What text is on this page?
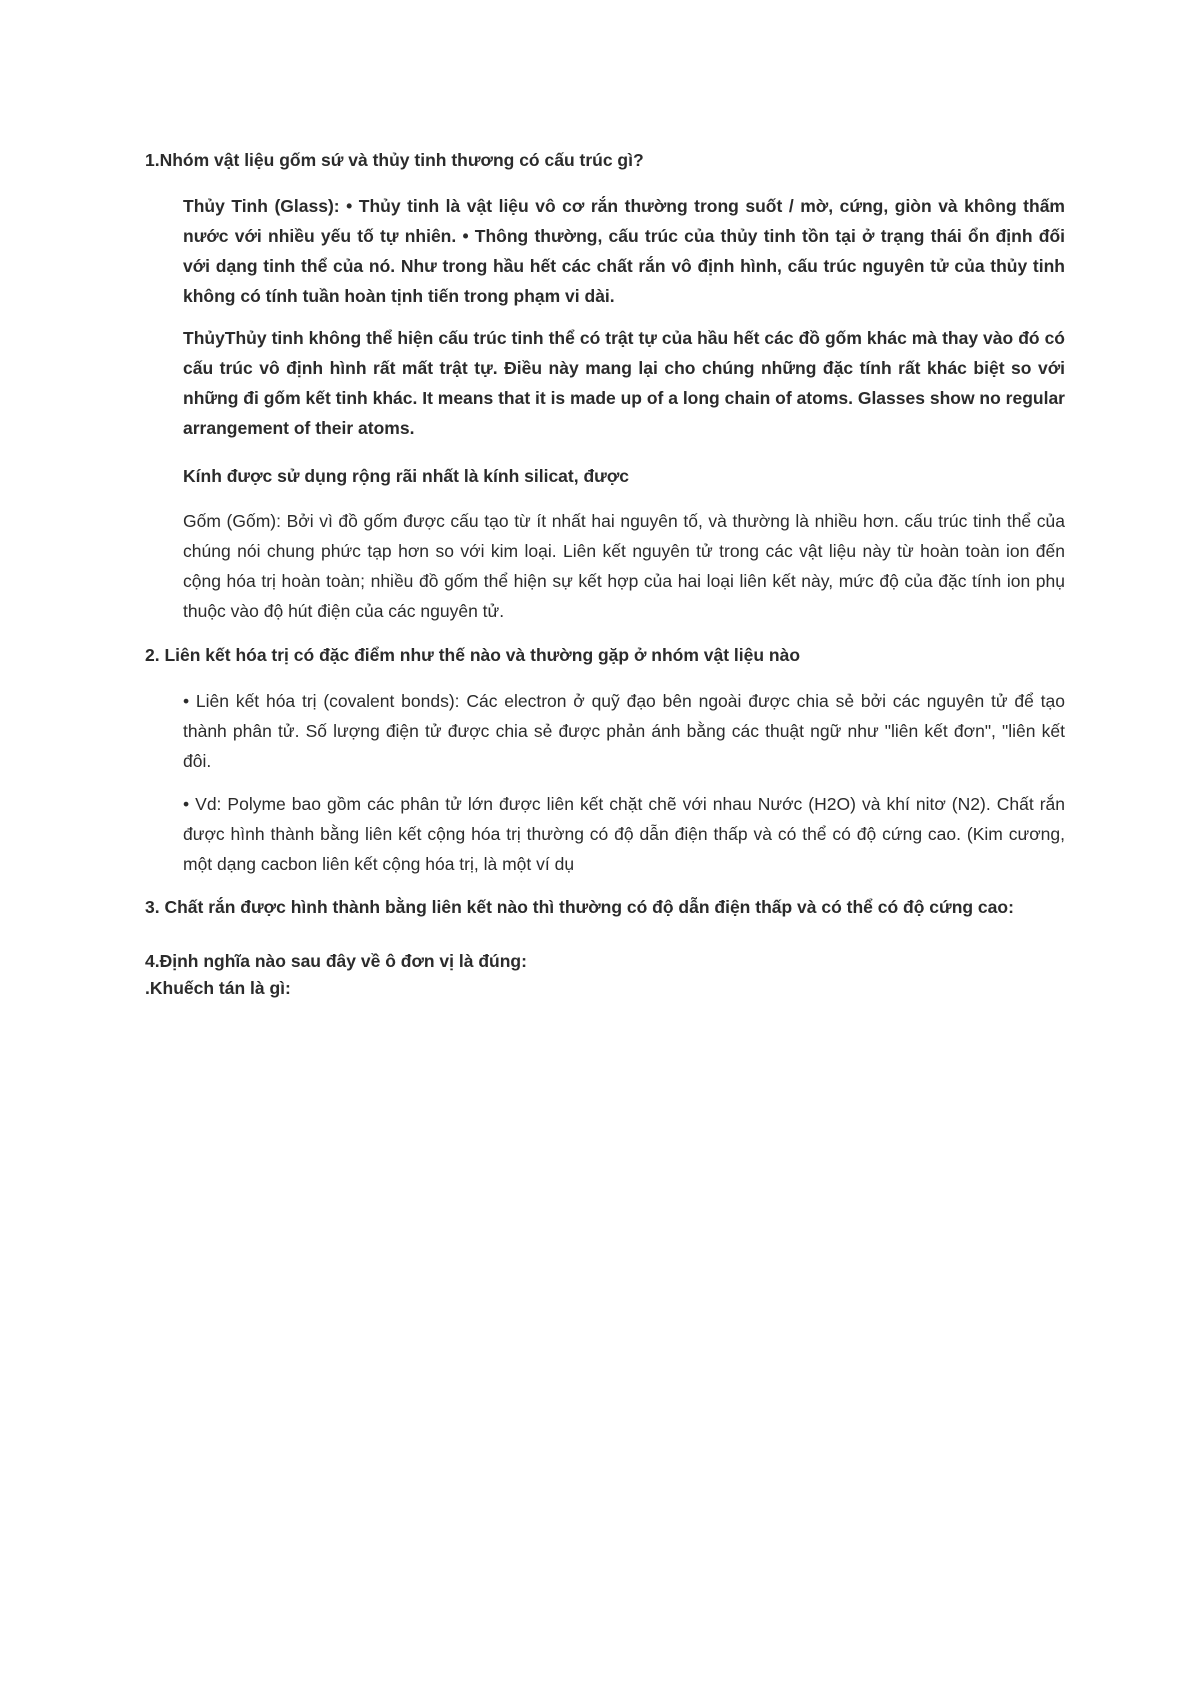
1.Nhóm vật liệu gốm sứ và thủy tinh thương có cấu trúc gì?

Thủy Tinh (Glass): • Thủy tinh là vật liệu vô cơ rắn thường trong suốt / mờ, cứng, giòn và không thấm nước với nhiều yếu tố tự nhiên. • Thông thường, cấu trúc của thủy tinh tồn tại ở trạng thái ổn định đối với dạng tinh thể của nó. Như trong hầu hết các chất rắn vô định hình, cấu trúc nguyên tử của thủy tinh không có tính tuần hoàn tịnh tiến trong phạm vi dài.

ThủyThủy tinh không thể hiện cấu trúc tinh thể có trật tự của hầu hết các đồ gốm khác mà thay vào đó có cấu trúc vô định hình rất mất trật tự. Điều này mang lại cho chúng những đặc tính rất khác biệt so với những đi gốm kết tinh khác. It means that it is made up of a long chain of atoms. Glasses show no regular arrangement of their atoms.

Kính được sử dụng rộng rãi nhất là kính silicat, được

Gốm (Gốm): Bởi vì đồ gốm được cấu tạo từ ít nhất hai nguyên tố, và thường là nhiều hơn. cấu trúc tinh thể của chúng nói chung phức tạp hơn so với kim loại. Liên kết nguyên tử trong các vật liệu này từ hoàn toàn ion đến cộng hóa trị hoàn toàn; nhiều đồ gốm thể hiện sự kết hợp của hai loại liên kết này, mức độ của đặc tính ion phụ thuộc vào độ hút điện của các nguyên tử.

2. Liên kết hóa trị có đặc điểm như thế nào và thường gặp ở nhóm vật liệu nào

• Liên kết hóa trị (covalent bonds): Các electron ở quỹ đạo bên ngoài được chia sẻ bởi các nguyên tử để tạo thành phân tử. Số lượng điện tử được chia sẻ được phản ánh bằng các thuật ngữ như "liên kết đơn", "liên kết đôi.

• Vd: Polyme bao gồm các phân tử lớn được liên kết chặt chẽ với nhau Nước (H2O) và khí nitơ (N2). Chất rắn được hình thành bằng liên kết cộng hóa trị thường có độ dẫn điện thấp và có thể có độ cứng cao. (Kim cương, một dạng cacbon liên kết cộng hóa trị, là một ví dụ

3. Chất rắn được hình thành bằng liên kết nào thì thường có độ dẫn điện thấp và có thể có độ cứng cao:

4.Định nghĩa nào sau đây về ô đơn vị là đúng:

.Khuếch tán là gì:
